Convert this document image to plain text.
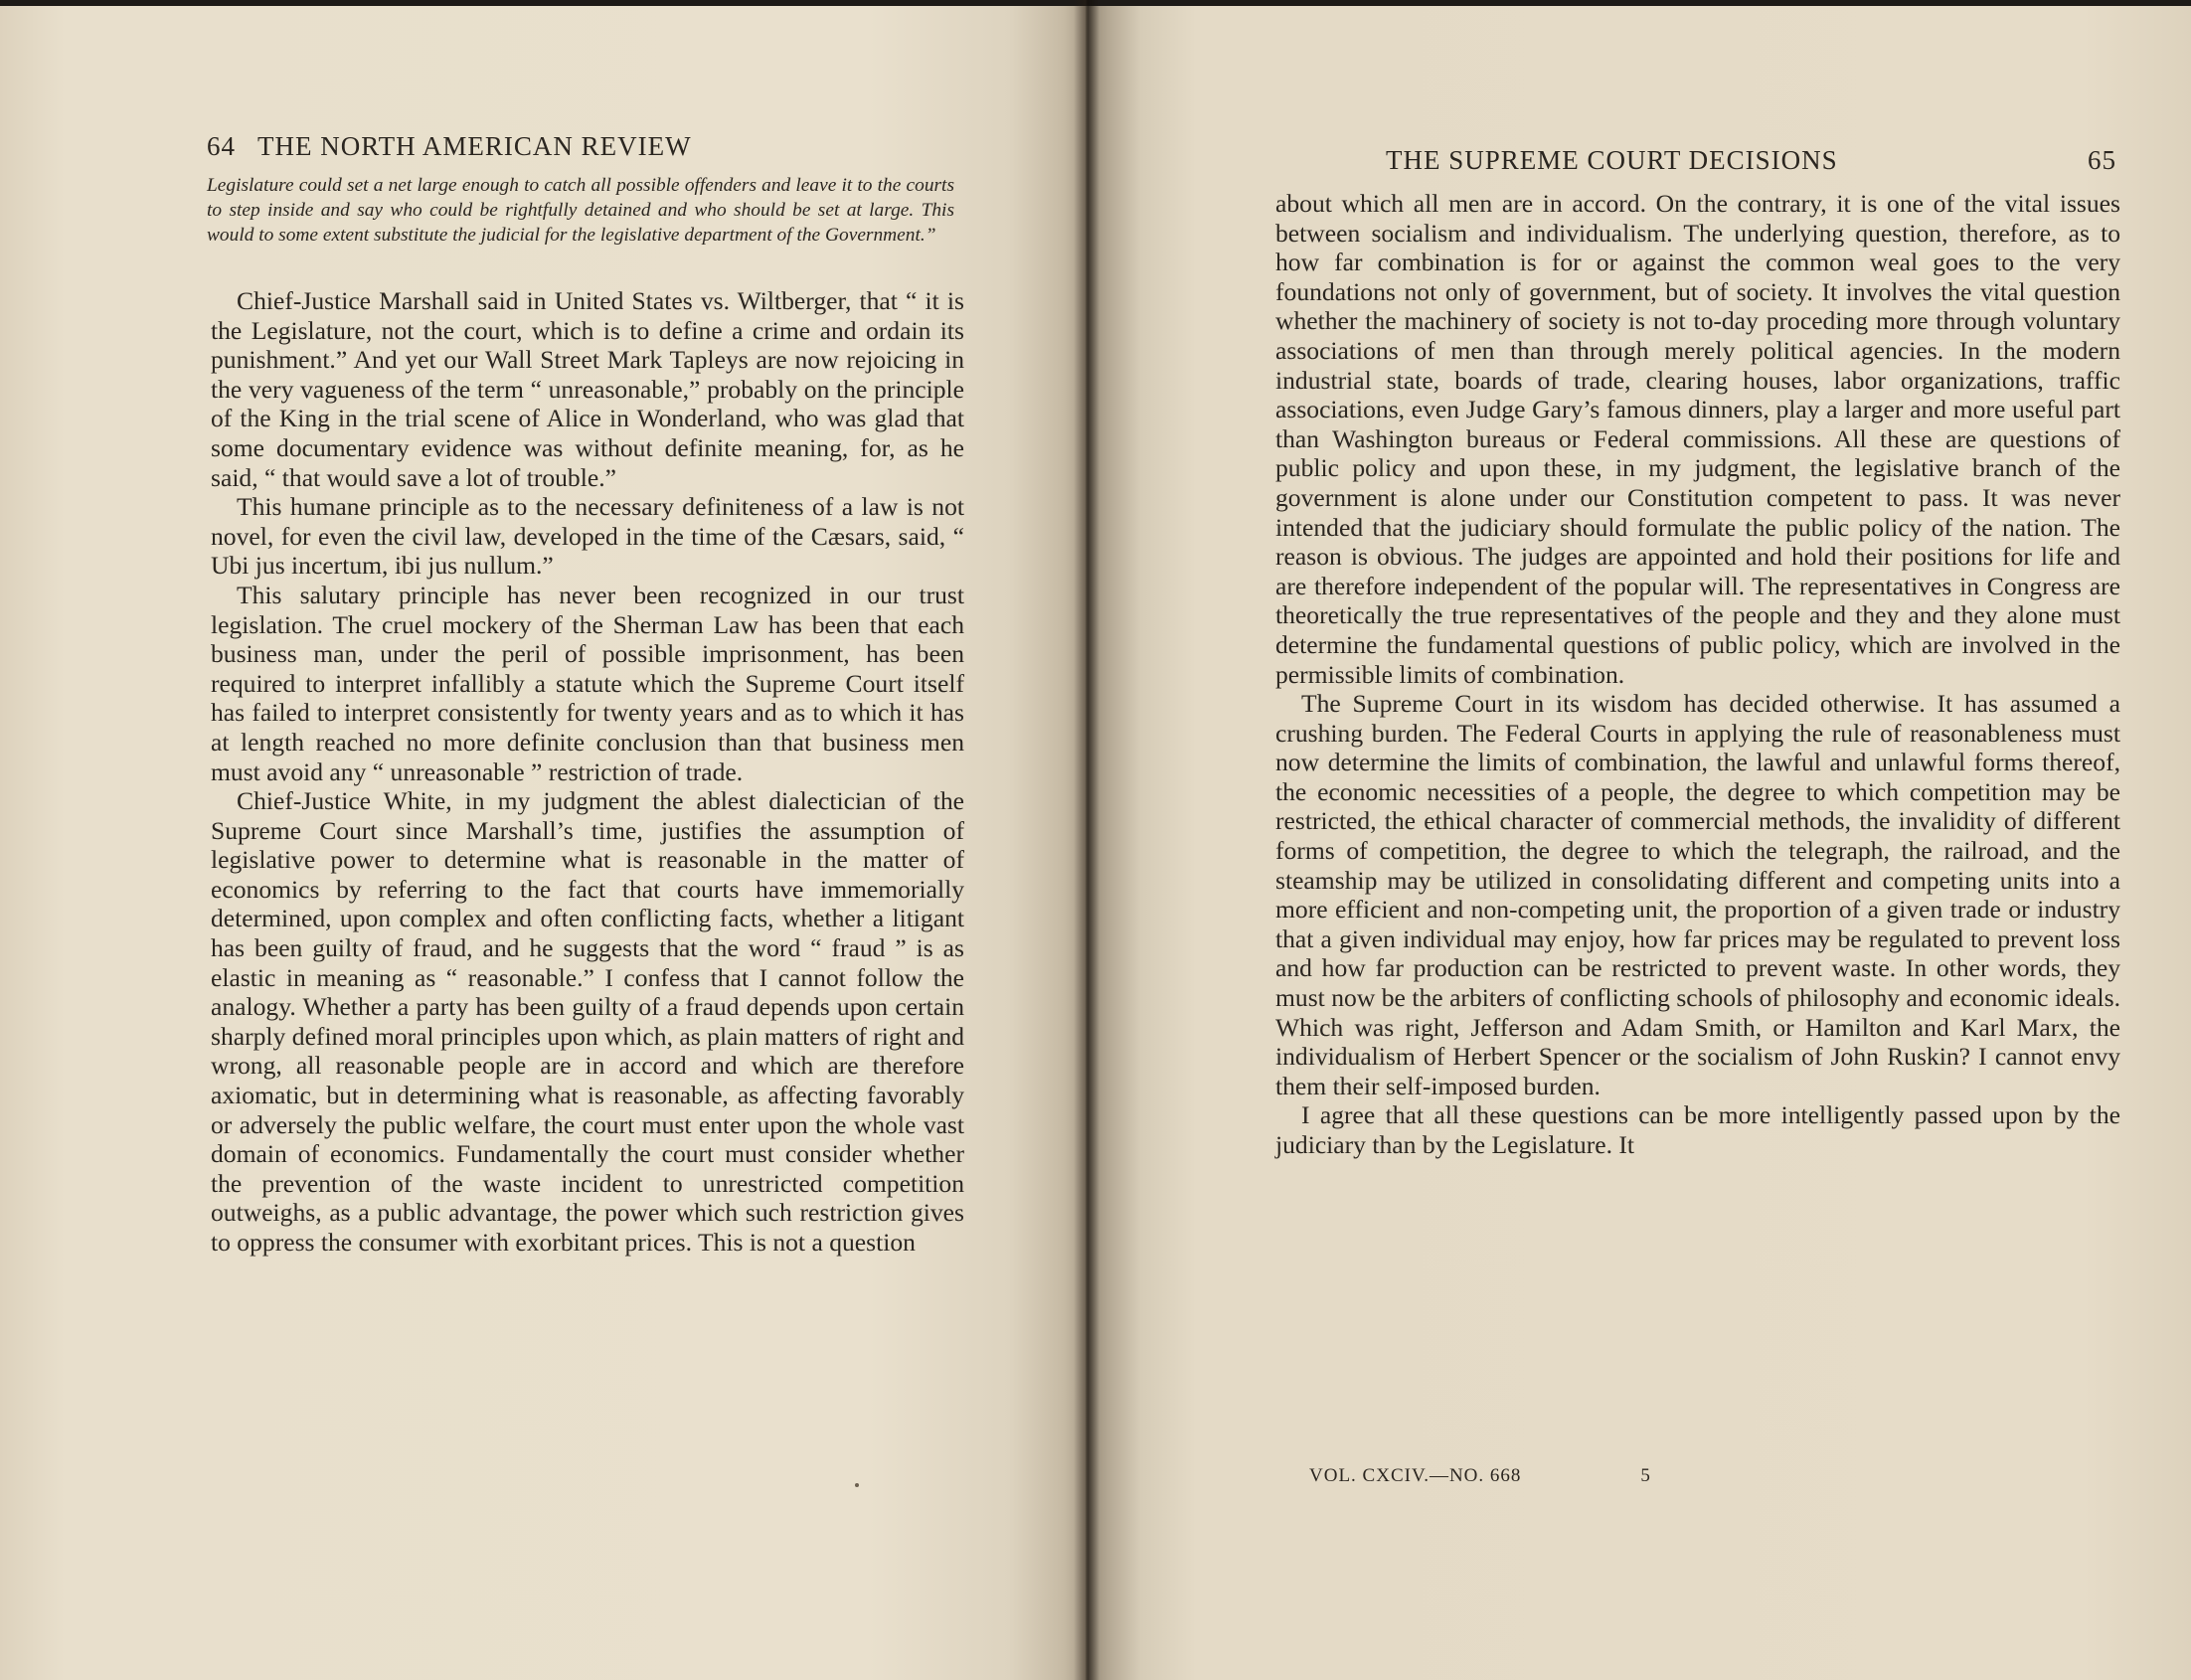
64 THE NORTH AMERICAN REVIEW
Legislature could set a net large enough to catch all possible offenders and leave it to the courts to step inside and say who could be rightfully detained and who should be set at large. This would to some extent substitute the judicial for the legislative department of the Government.”

Chief-Justice Marshall said in United States vs. Wiltberger, that “ it is the Legislature, not the court, which is to define a crime and ordain its punishment.” And yet our Wall Street Mark Tapleys are now rejoicing in the very vagueness of the term “ unreasonable,” probably on the principle of the King in the trial scene of Alice in Wonderland, who was glad that some documentary evidence was without definite meaning, for, as he said, “ that would save a lot of trouble.”

This humane principle as to the necessary definiteness of a law is not novel, for even the civil law, developed in the time of the Cæsars, said, “ Ubi jus incertum, ibi jus nullum.”

This salutary principle has never been recognized in our trust legislation. The cruel mockery of the Sherman Law has been that each business man, under the peril of possible imprisonment, has been required to interpret infallibly a statute which the Supreme Court itself has failed to interpret consistently for twenty years and as to which it has at length reached no more definite conclusion than that business men must avoid any “ unreasonable ” restriction of trade.

Chief-Justice White, in my judgment the ablest dialectician of the Supreme Court since Marshall’s time, justifies the assumption of legislative power to determine what is reasonable in the matter of economics by referring to the fact that courts have immemorially determined, upon complex and often conflicting facts, whether a litigant has been guilty of fraud, and he suggests that the word “ fraud ” is as elastic in meaning as “ reasonable.” I confess that I cannot follow the analogy. Whether a party has been guilty of a fraud depends upon certain sharply defined moral principles upon which, as plain matters of right and wrong, all reasonable people are in accord and which are therefore axiomatic, but in determining what is reasonable, as affecting favorably or adversely the public welfare, the court must enter upon the whole vast domain of economics. Fundamentally the court must consider whether the prevention of the waste incident to unrestricted competition outweighs, as a public advantage, the power which such restriction gives to oppress the consumer with exorbitant prices. This is not a question

THE SUPREME COURT DECISIONS	65

about which all men are in accord. On the contrary, it is one of the vital issues between socialism and individualism. The underlying question, therefore, as to how far combination is for or against the common weal goes to the very foundations not only of government, but of society. It involves the vital question whether the machinery of society is not to-day proceding more through voluntary associations of men than through merely political agencies. In the modern industrial state, boards of trade, clearing houses, labor organizations, traffic associations, even Judge Gary’s famous dinners, play a larger and more useful part than Washington bureaus or Federal commissions. All these are questions of public policy and upon these, in my judgment, the legislative branch of the government is alone under our Constitution competent to pass. It was never intended that the judiciary should formulate the public policy of the nation. The reason is obvious. The judges are appointed and hold their positions for life and are therefore independent of the popular will. The representatives in Congress are theoretically the true representatives of the people and they and they alone must determine the fundamental questions of public policy, which are involved in the permissible limits of combination.

The Supreme Court in its wisdom has decided otherwise. It has assumed a crushing burden. The Federal Courts in applying the rule of reasonableness must now determine the limits of combination, the lawful and unlawful forms thereof, the economic necessities of a people, the degree to which competition may be restricted, the ethical character of commercial methods, the invalidity of different forms of competition, the degree to which the telegraph, the railroad, and the steamship may be utilized in consolidating different and competing units into a more efficient and non-competing unit, the proportion of a given trade or industry that a given individual may enjoy, how far prices may be regulated to prevent loss and how far production can be restricted to prevent waste. In other words, they must now be the arbiters of conflicting schools of philosophy and economic ideals. Which was right, Jefferson and Adam Smith, or Hamilton and Karl Marx, the individualism of Herbert Spencer or the socialism of John Ruskin? I cannot envy them their self-imposed burden.

I agree that all these questions can be more intelligently passed upon by the judiciary than by the Legislature. It

VOL. CXCIV.—NO. 668	5
